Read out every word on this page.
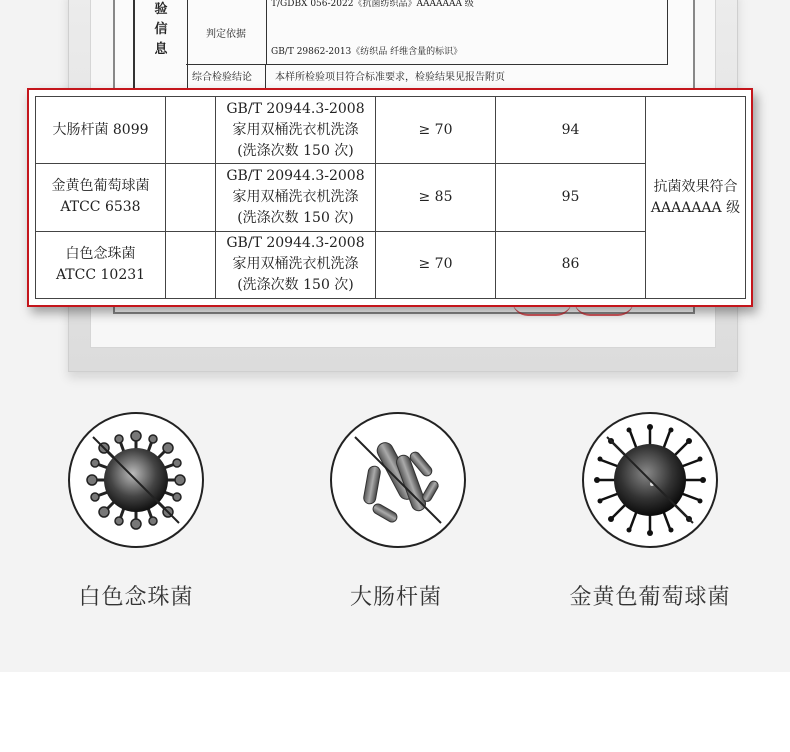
验
信
息
判定依据
T/GDBX 056-2022《抗菌纺织品》AAAAAAA 级
GB/T 29862-2013《纺织品 纤维含量的标识》
综合检验结论	本样所检验项目符合标准要求，检验结果见报告附页
大肠杆菌 8099		GB/T 20944.3-2008
家用双桶洗衣机洗涤
(洗涤次数 150 次)	≥ 70	94	抗菌效果符合
AAAAAAA 级

金黄色葡萄球菌
ATCC 6538		GB/T 20944.3-2008
家用双桶洗衣机洗涤
(洗涤次数 150 次)	≥ 85	95	

白色念珠菌
ATCC 10231		GB/T 20944.3-2008
家用双桶洗衣机洗涤
(洗涤次数 150 次)	≥ 70	86	
白色念珠菌	大肠杆菌	金黄色葡萄球菌
